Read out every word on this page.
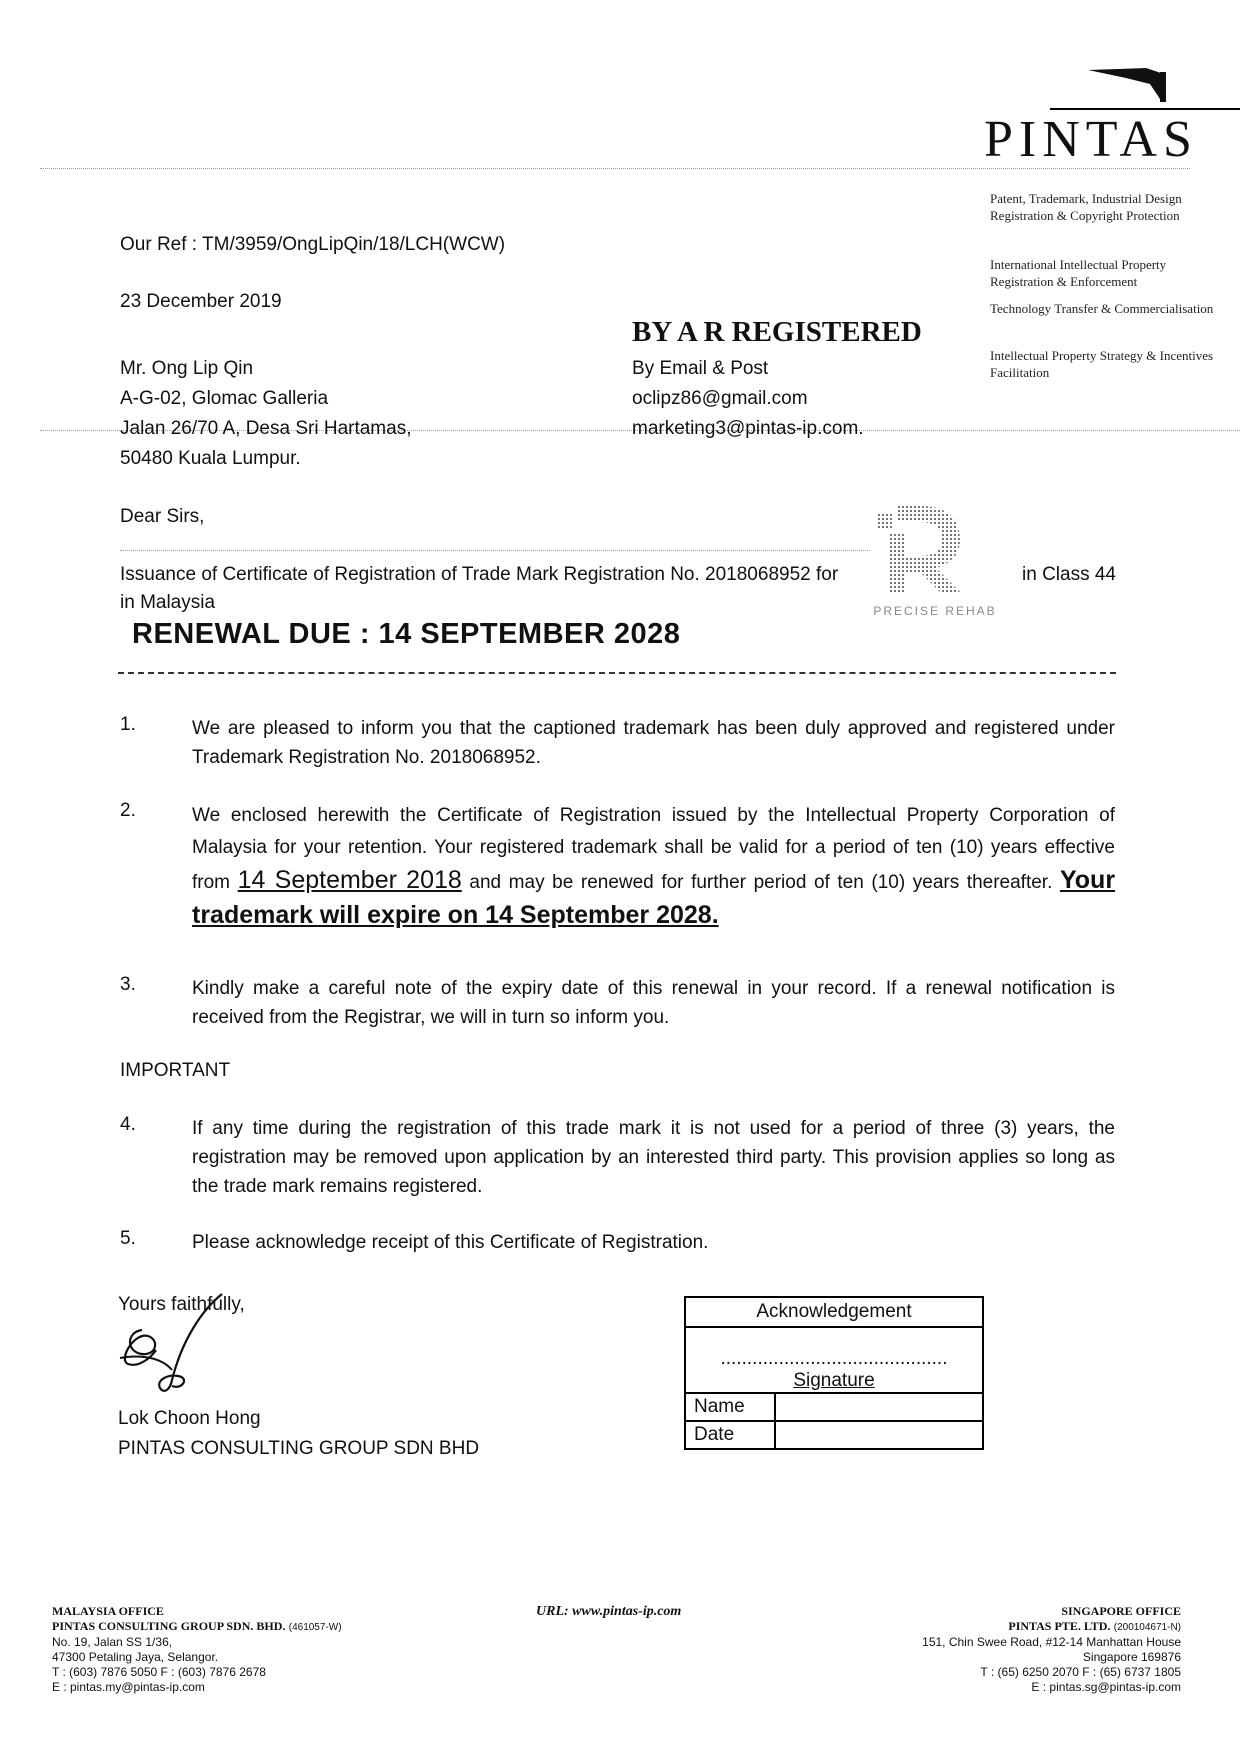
PINTAS
Patent, Trademark, Industrial Design Registration & Copyright Protection
International Intellectual Property Registration & Enforcement
Technology Transfer & Commercialisation
Intellectual Property Strategy & Incentives Facilitation
Our Ref : TM/3959/OngLipQin/18/LCH(WCW)
23 December 2019
BY A R REGISTERED
By Email & Post
oclipz86@gmail.com
marketing3@pintas-ip.com.
Mr. Ong Lip Qin
A-G-02, Glomac Galleria
Jalan 26/70 A, Desa Sri Hartamas,
50480 Kuala Lumpur.
Dear Sirs,
Issuance of Certificate of Registration of Trade Mark Registration No. 2018068952 for
in Malaysia
in Class 44
PRECISE REHAB
RENEWAL DUE : 14 SEPTEMBER 2028
1.	We are pleased to inform you that the captioned trademark has been duly approved and registered under Trademark Registration No. 2018068952.
2.	We enclosed herewith the Certificate of Registration issued by the Intellectual Property Corporation of Malaysia for your retention. Your registered trademark shall be valid for a period of ten (10) years effective from 14 September 2018 and may be renewed for further period of ten (10) years thereafter. Your trademark will expire on 14 September 2028.
3.	Kindly make a careful note of the expiry date of this renewal in your record. If a renewal notification is received from the Registrar, we will in turn so inform you.
IMPORTANT
4.	If any time during the registration of this trade mark it is not used for a period of three (3) years, the registration may be removed upon application by an interested third party. This provision applies so long as the trade mark remains registered.
5.	Please acknowledge receipt of this Certificate of Registration.
Yours faithfully,
Lok Choon Hong
PINTAS CONSULTING GROUP SDN BHD
Acknowledgement	

...........................................
Signature	

Name	
Date	
MALAYSIA OFFICE
PINTAS CONSULTING GROUP SDN. BHD. (461057-W)
No. 19, Jalan SS 1/36,
47300 Petaling Jaya, Selangor.
T : (603) 7876 5050 F : (603) 7876 2678
E : pintas.my@pintas-ip.com
URL: www.pintas-ip.com	SINGAPORE OFFICE
PINTAS PTE. LTD. (200104671-N)
151, Chin Swee Road, #12-14 Manhattan House
Singapore 169876
T : (65) 6250 2070 F : (65) 6737 1805
E : pintas.sg@pintas-ip.com
